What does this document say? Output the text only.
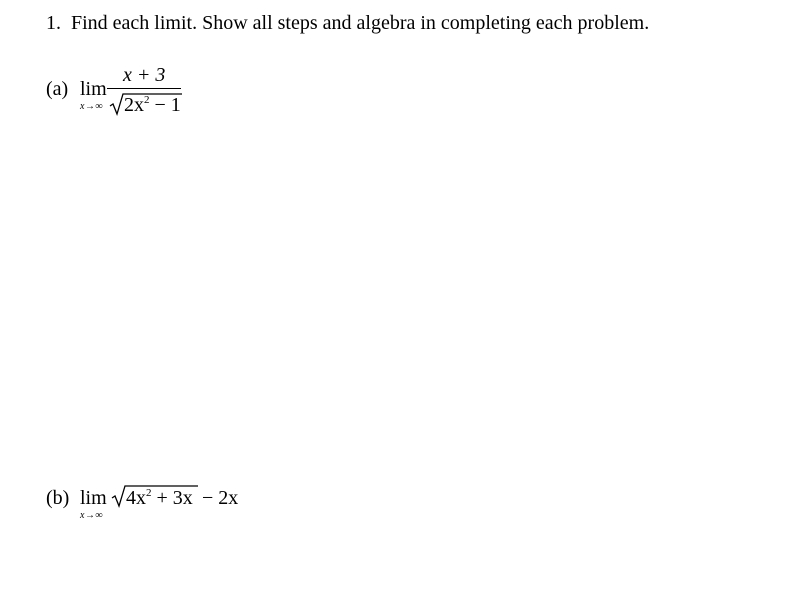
1. Find each limit. Show all steps and algebra in completing each problem.
(a) lim
x→∞
x + 3
$2x^2 - 1$
(b) lim
x→∞
$4x^2 + 3x - 2x$
